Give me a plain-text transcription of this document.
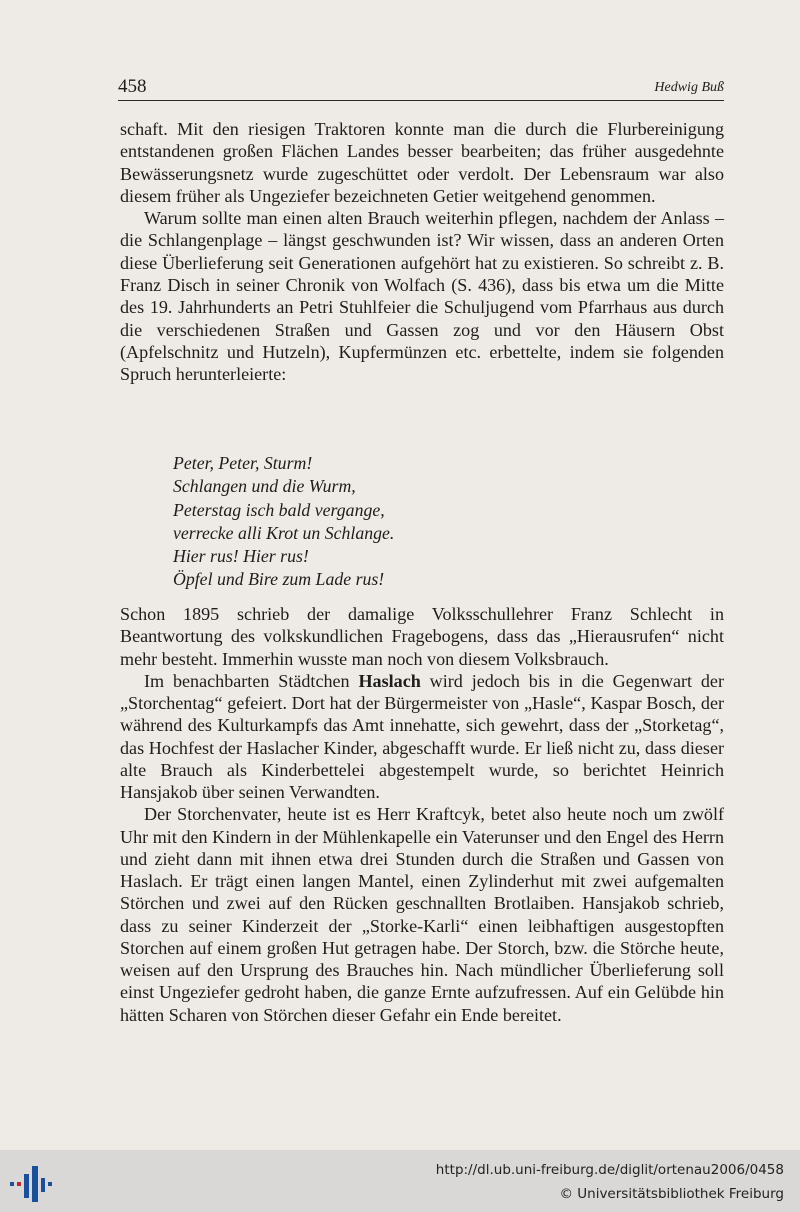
458	Hedwig Buß

schaft. Mit den riesigen Traktoren konnte man die durch die Flurbereinigung entstandenen großen Flächen Landes besser bearbeiten; das früher ausgedehnte Bewässerungsnetz wurde zugeschüttet oder verdolt. Der Lebensraum war also diesem früher als Ungeziefer bezeichneten Getier weitgehend genommen.

Warum sollte man einen alten Brauch weiterhin pflegen, nachdem der Anlass – die Schlangenplage – längst geschwunden ist? Wir wissen, dass an anderen Orten diese Überlieferung seit Generationen aufgehört hat zu existieren. So schreibt z. B. Franz Disch in seiner Chronik von Wolfach (S. 436), dass bis etwa um die Mitte des 19. Jahrhunderts an Petri Stuhlfeier die Schuljugend vom Pfarrhaus aus durch die verschiedenen Straßen und Gassen zog und vor den Häusern Obst (Apfelschnitz und Hutzeln), Kupfermünzen etc. erbettelte, indem sie folgenden Spruch herunterleierte:

Peter, Peter, Sturm!
Schlangen und die Wurm,
Peterstag isch bald vergange,
verrecke alli Krot un Schlange.
Hier rus! Hier rus!
Öpfel und Bire zum Lade rus!

Schon 1895 schrieb der damalige Volksschullehrer Franz Schlecht in Beantwortung des volkskundlichen Fragebogens, dass das „Hierausrufen“ nicht mehr besteht. Immerhin wusste man noch von diesem Volksbrauch.

Im benachbarten Städtchen Haslach wird jedoch bis in die Gegenwart der „Storchentag“ gefeiert. Dort hat der Bürgermeister von „Hasle“, Kaspar Bosch, der während des Kulturkampfs das Amt innehatte, sich gewehrt, dass der „Storketag“, das Hochfest der Haslacher Kinder, abgeschafft wurde. Er ließ nicht zu, dass dieser alte Brauch als Kinderbettelei abgestempelt wurde, so berichtet Heinrich Hansjakob über seinen Verwandten.

Der Storchenvater, heute ist es Herr Kraftcyk, betet also heute noch um zwölf Uhr mit den Kindern in der Mühlenkapelle ein Vaterunser und den Engel des Herrn und zieht dann mit ihnen etwa drei Stunden durch die Straßen und Gassen von Haslach. Er trägt einen langen Mantel, einen Zylinderhut mit zwei aufgemalten Störchen und zwei auf den Rücken geschnallten Brotlaiben. Hansjakob schrieb, dass zu seiner Kinderzeit der „Storke-Karli“ einen leibhaftigen ausgestopften Storchen auf einem großen Hut getragen habe. Der Storch, bzw. die Störche heute, weisen auf den Ursprung des Brauches hin. Nach mündlicher Überlieferung soll einst Ungeziefer gedroht haben, die ganze Ernte aufzufressen. Auf ein Gelübde hin hätten Scharen von Störchen dieser Gefahr ein Ende bereitet.

http://dl.ub.uni-freiburg.de/diglit/ortenau2006/0458
© Universitätsbibliothek Freiburg
